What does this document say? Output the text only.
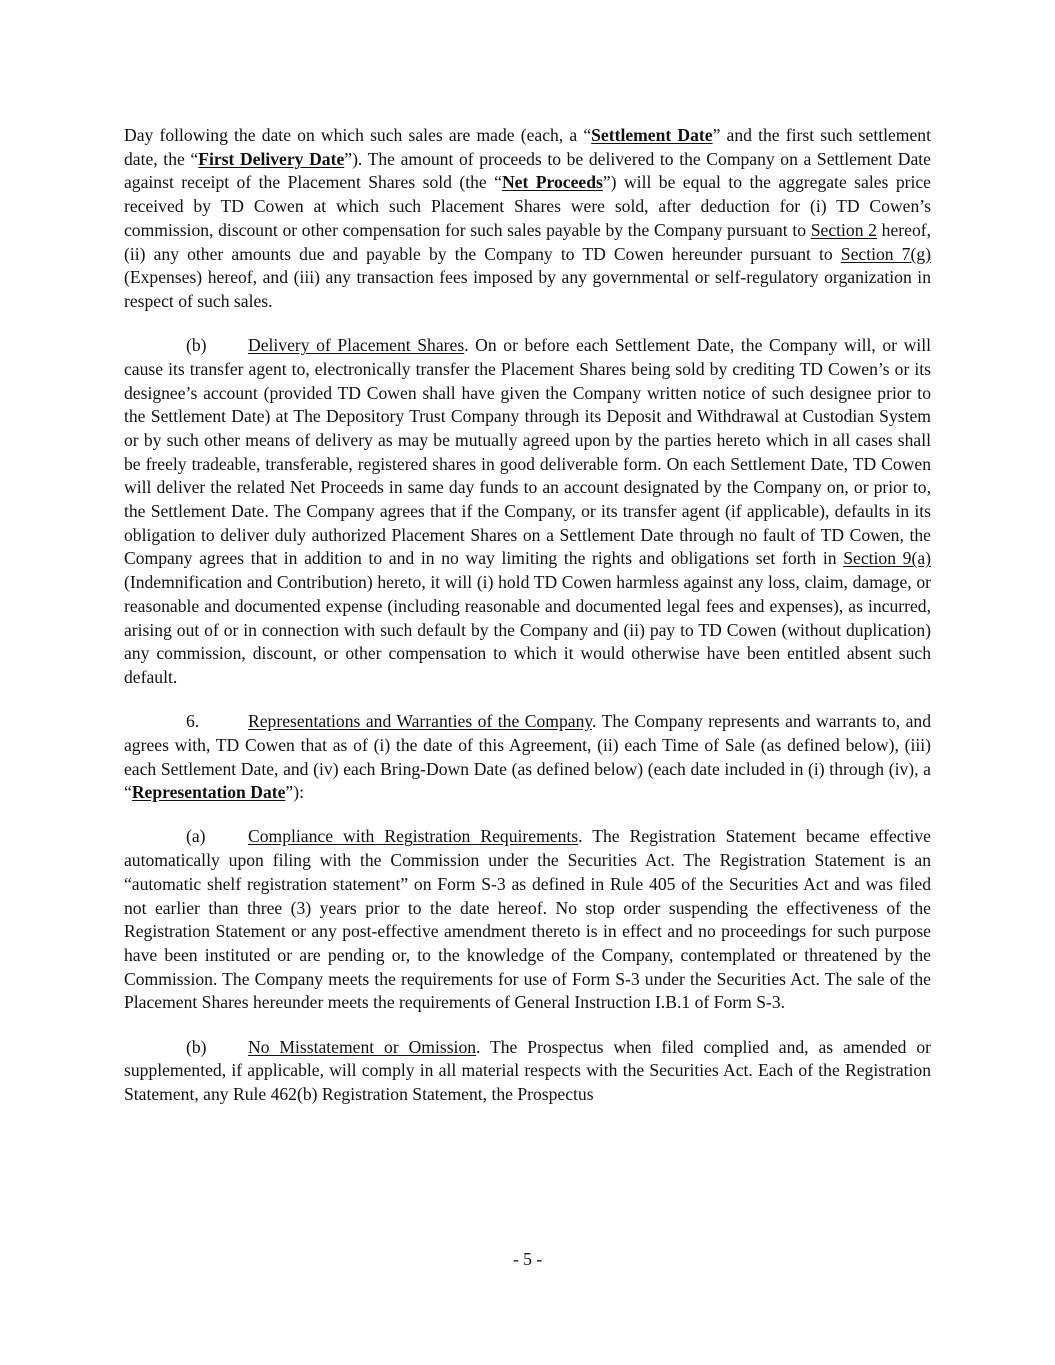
Day following the date on which such sales are made (each, a “Settlement Date” and the first such settlement date, the “First Delivery Date”). The amount of proceeds to be delivered to the Company on a Settlement Date against receipt of the Placement Shares sold (the “Net Proceeds”) will be equal to the aggregate sales price received by TD Cowen at which such Placement Shares were sold, after deduction for (i) TD Cowen’s commission, discount or other compensation for such sales payable by the Company pursuant to Section 2 hereof, (ii) any other amounts due and payable by the Company to TD Cowen hereunder pursuant to Section 7(g) (Expenses) hereof, and (iii) any transaction fees imposed by any governmental or self-regulatory organization in respect of such sales.

(b) Delivery of Placement Shares. On or before each Settlement Date, the Company will, or will cause its transfer agent to, electronically transfer the Placement Shares being sold by crediting TD Cowen’s or its designee’s account (provided TD Cowen shall have given the Company written notice of such designee prior to the Settlement Date) at The Depository Trust Company through its Deposit and Withdrawal at Custodian System or by such other means of delivery as may be mutually agreed upon by the parties hereto which in all cases shall be freely tradeable, transferable, registered shares in good deliverable form. On each Settlement Date, TD Cowen will deliver the related Net Proceeds in same day funds to an account designated by the Company on, or prior to, the Settlement Date. The Company agrees that if the Company, or its transfer agent (if applicable), defaults in its obligation to deliver duly authorized Placement Shares on a Settlement Date through no fault of TD Cowen, the Company agrees that in addition to and in no way limiting the rights and obligations set forth in Section 9(a) (Indemnification and Contribution) hereto, it will (i) hold TD Cowen harmless against any loss, claim, damage, or reasonable and documented expense (including reasonable and documented legal fees and expenses), as incurred, arising out of or in connection with such default by the Company and (ii) pay to TD Cowen (without duplication) any commission, discount, or other compensation to which it would otherwise have been entitled absent such default.

6.	Representations and Warranties of the Company. The Company represents and warrants to, and agrees with, TD Cowen that as of (i) the date of this Agreement, (ii) each Time of Sale (as defined below), (iii) each Settlement Date, and (iv) each Bring-Down Date (as defined below) (each date included in (i) through (iv), a “Representation Date”):

(a) Compliance with Registration Requirements. The Registration Statement became effective automatically upon filing with the Commission under the Securities Act. The Registration Statement is an “automatic shelf registration statement” on Form S-3 as defined in Rule 405 of the Securities Act and was filed not earlier than three (3) years prior to the date hereof. No stop order suspending the effectiveness of the Registration Statement or any post-effective amendment thereto is in effect and no proceedings for such purpose have been instituted or are pending or, to the knowledge of the Company, contemplated or threatened by the Commission. The Company meets the requirements for use of Form S-3 under the Securities Act. The sale of the Placement Shares hereunder meets the requirements of General Instruction I.B.1 of Form S-3.

(b) No Misstatement or Omission. The Prospectus when filed complied and, as amended or supplemented, if applicable, will comply in all material respects with the Securities Act. Each of the Registration Statement, any Rule 462(b) Registration Statement, the Prospectus

- 5 -
